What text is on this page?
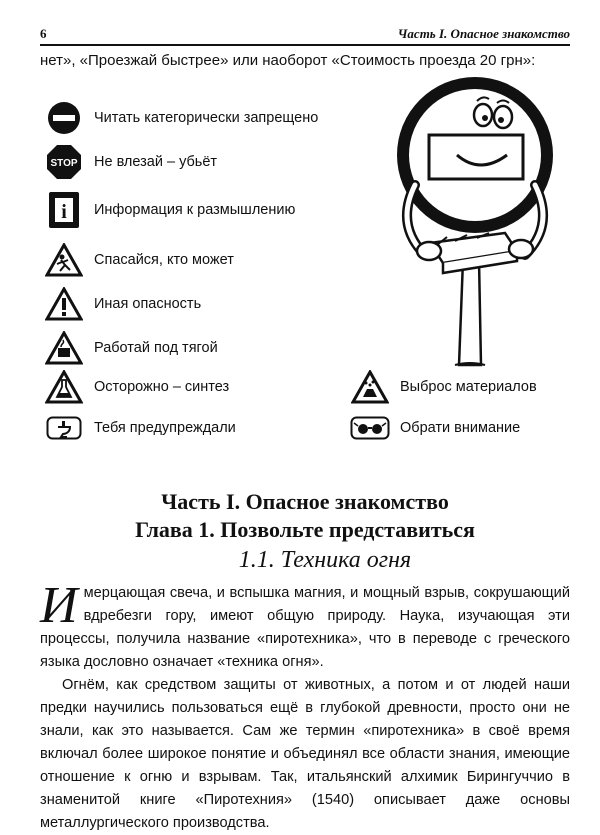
6	Часть I. Опасное знакомство

нет», «Проезжай быстрее» или наоборот «Стоимость проезда 20 грн»:

Читать категорически запрещено
STOP Не влезай – убьёт
i Информация к размышлению
Спасайся, кто может
Иная опасность
Работай под тягой
Осторожно – синтез
Тебя предупреждали
Выброс материалов
Обрати внимание
Часть I. Опасное знакомство
Глава 1. Позвольте представиться
1.1. Техника огня

И мерцающая свеча, и вспышка магния, и мощный взрыв, сокрушающий вдребезги гору, имеют общую природу. Наука, изучающая эти процессы, получила название «пиротехника», что в переводе с греческого языка дословно означает «техника огня».

Огнём, как средством защиты от животных, а потом и от людей наши предки научились пользоваться ещё в глубокой древности, просто они не знали, как это называется. Сам же термин «пиротехника» в своё время включал более широкое понятие и объединял все области знания, имеющие отношение к огню и взрывам. Так, итальянский алхимик Бирингуччио в знаменитой книге «Пиротехния» (1540) описывает даже основы металлургического производства.
